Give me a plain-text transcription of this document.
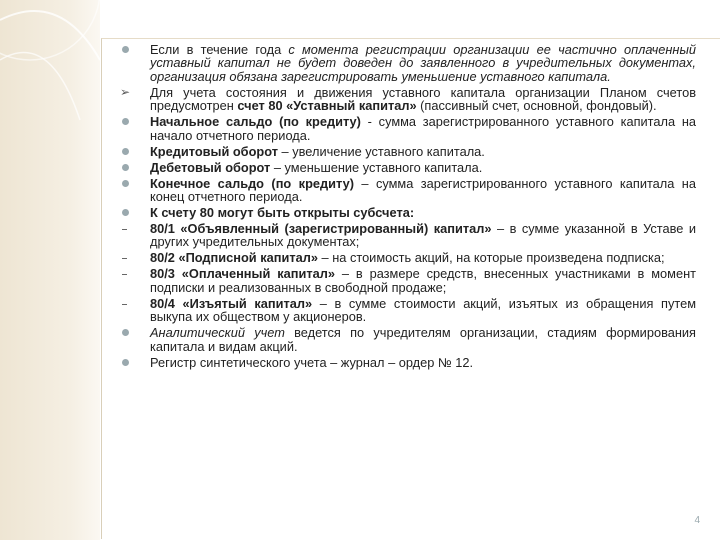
Если в течение года с момента регистрации организации ее частично оплаченный уставный капитал не будет доведен до заявленного в учредительных документах, организация обязана зарегистрировать уменьшение уставного капитала.
➢	Для учета состояния и движения уставного капитала организации Планом счетов предусмотрен счет 80 «Уставный капитал» (пассивный счет, основной, фондовый).
Начальное сальдо (по кредиту) - сумма зарегистрированного уставного капитала на начало отчетного периода.
Кредитовый оборот – увеличение уставного капитала.
Дебетовый оборот – уменьшение уставного капитала.
Конечное сальдо (по кредиту) – сумма зарегистрированного уставного капитала на конец отчетного периода.
К счету 80 могут быть открыты субсчета:
80/1 «Объявленный (зарегистрированный) капитал» – в сумме указанной в Уставе и других учредительных документах;
80/2 «Подписной капитал» – на стоимость акций, на которые произведена подписка;
80/3 «Оплаченный капитал» – в размере средств, внесенных участниками в момент подписки и реализованных в свободной продаже;
80/4 «Изъятый капитал» – в сумме стоимости акций, изъятых из обращения путем выкупа их обществом у акционеров.
Аналитический учет ведется по учредителям организации, стадиям формирования капитала и видам акций.
Регистр синтетического учета – журнал – ордер № 12.
4
